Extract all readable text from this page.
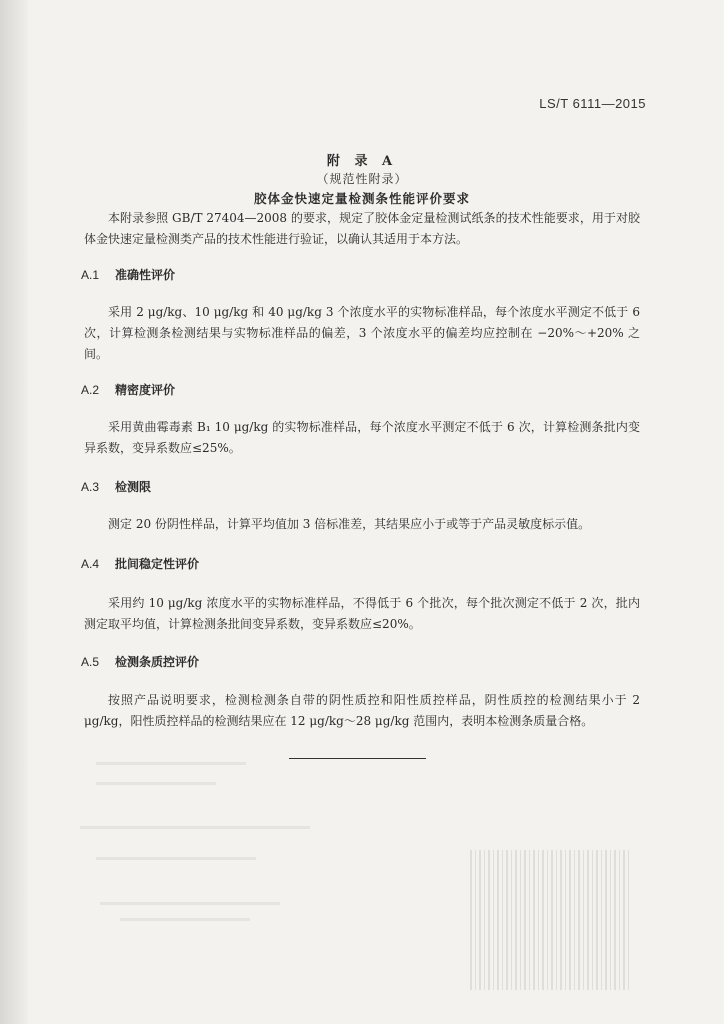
LS/T 6111—2015
附 录 A
（规范性附录）
胶体金快速定量检测条性能评价要求

本附录参照 GB/T 27404—2008 的要求，规定了胶体金定量检测试纸条的技术性能要求，用于对胶体金快速定量检测类产品的技术性能进行验证，以确认其适用于本方法。

A.1 准确性评价

采用 2 μg/kg、10 μg/kg 和 40 μg/kg 3 个浓度水平的实物标准样品，每个浓度水平测定不低于 6 次，计算检测条检测结果与实物标准样品的偏差，3 个浓度水平的偏差均应控制在 −20%～+20% 之间。

A.2 精密度评价

采用黄曲霉毒素 B₁ 10 μg/kg 的实物标准样品，每个浓度水平测定不低于 6 次，计算检测条批内变异系数，变异系数应≤25%。

A.3 检测限

测定 20 份阴性样品，计算平均值加 3 倍标准差，其结果应小于或等于产品灵敏度标示值。

A.4 批间稳定性评价

采用约 10 μg/kg 浓度水平的实物标准样品，不得低于 6 个批次，每个批次测定不低于 2 次，批内测定取平均值，计算检测条批间变异系数，变异系数应≤20%。

A.5 检测条质控评价

按照产品说明要求，检测检测条自带的阴性质控和阳性质控样品，阴性质控的检测结果小于 2 μg/kg，阳性质控样品的检测结果应在 12 μg/kg～28 μg/kg 范围内，表明本检测条质量合格。
